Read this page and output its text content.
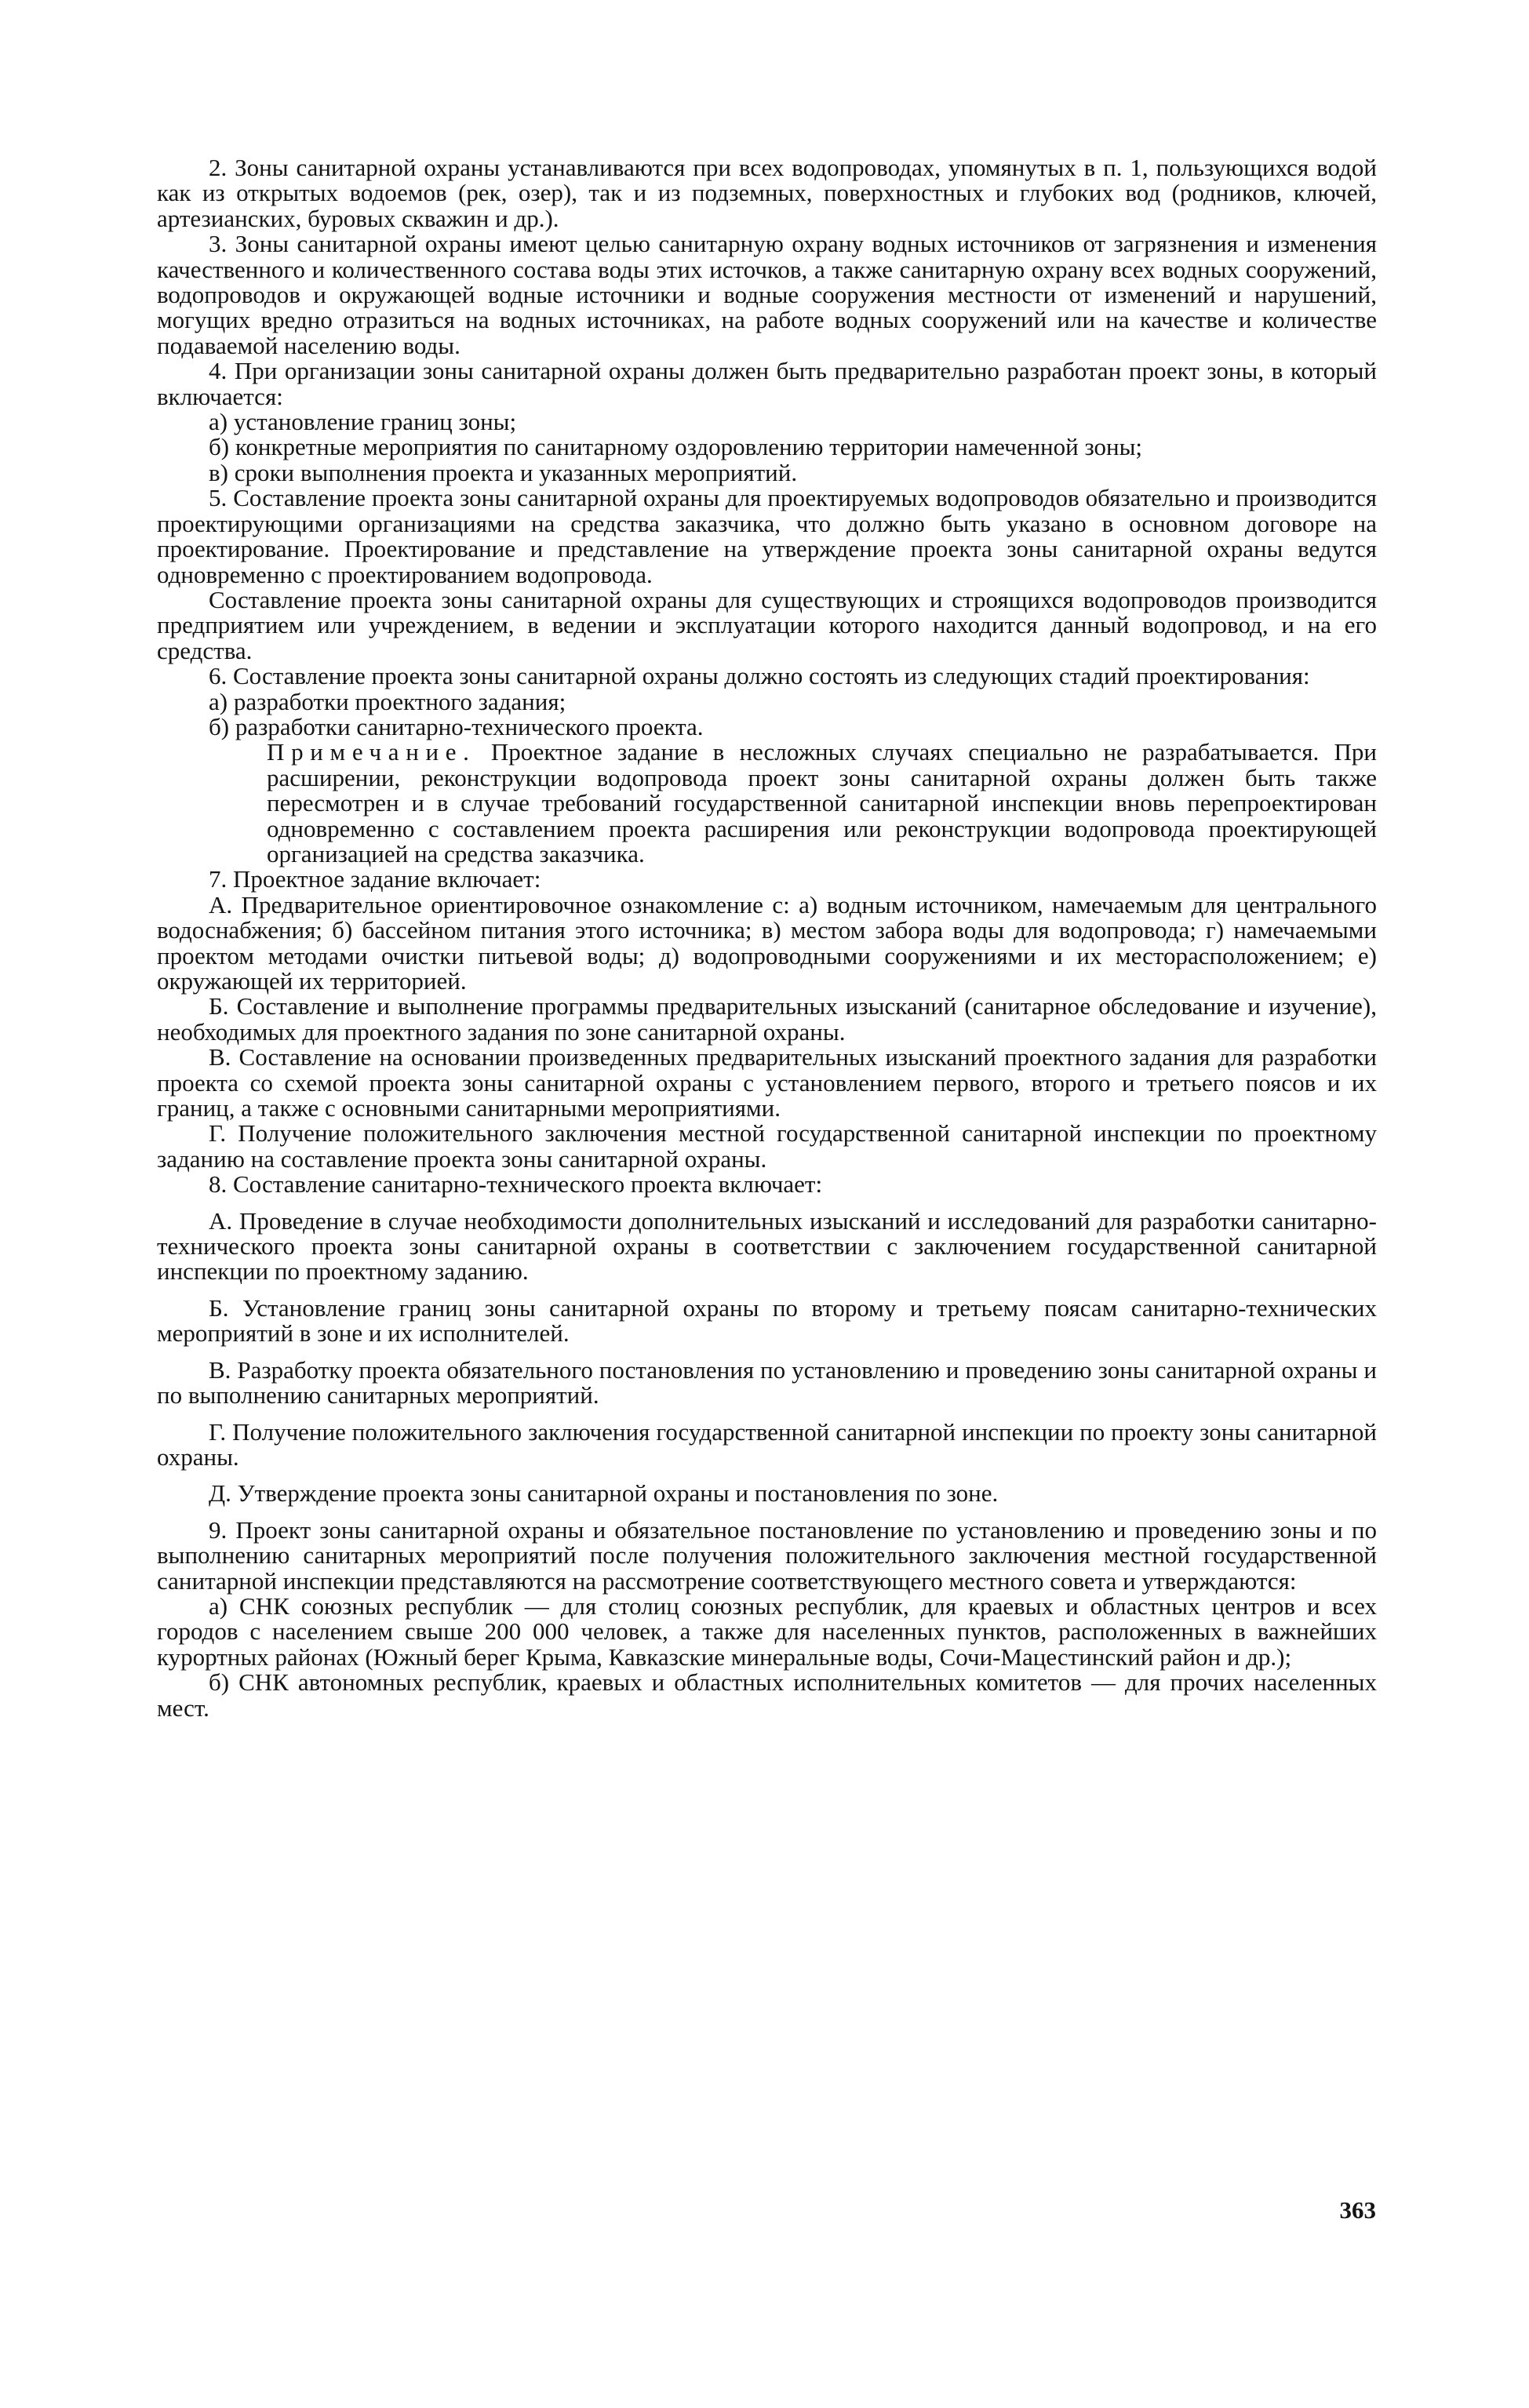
2. Зоны санитарной охраны устанавливаются при всех водопроводах, упомянутых в п. 1, пользующихся водой как из открытых водоемов (рек, озер), так и из подземных, поверхностных и глубоких вод (родников, ключей, артезианских, буровых скважин и др.).

3. Зоны санитарной охраны имеют целью санитарную охрану водных источников от загрязнения и изменения качественного и количественного состава воды этих источков, а также санитарную охрану всех водных сооружений, водопроводов и окружающей водные источники и водные сооружения местности от изменений и нарушений, могущих вредно отразиться на водных источниках, на работе водных сооружений или на качестве и количестве подаваемой населению воды.

4. При организации зоны санитарной охраны должен быть предварительно разработан проект зоны, в который включается:

а) установление границ зоны;

б) конкретные мероприятия по санитарному оздоровлению территории намеченной зоны;

в) сроки выполнения проекта и указанных мероприятий.

5. Составление проекта зоны санитарной охраны для проектируемых водопроводов обязательно и производится проектирующими организациями на средства заказчика, что должно быть указано в основном договоре на проектирование. Проектирование и представление на утверждение проекта зоны санитарной охраны ведутся одновременно с проектированием водопровода.

Составление проекта зоны санитарной охраны для существующих и строящихся водопроводов производится предприятием или учреждением, в ведении и эксплуатации которого находится данный водопровод, и на его средства.

6. Составление проекта зоны санитарной охраны должно состоять из следующих стадий проектирования:

а) разработки проектного задания;

б) разработки санитарно-технического проекта.

Примечание. Проектное задание в несложных случаях специально не разрабатывается. При расширении, реконструкции водопровода проект зоны санитарной охраны должен быть также пересмотрен и в случае требований государственной санитарной инспекции вновь перепроектирован одновременно с составлением проекта расширения или реконструкции водопровода проектирующей организацией на средства заказчика.

7. Проектное задание включает:

А. Предварительное ориентировочное ознакомление с: а) водным источником, намечаемым для центрального водоснабжения; б) бассейном питания этого источника; в) местом забора воды для водопровода; г) намечаемыми проектом методами очистки питьевой воды; д) водопроводными сооружениями и их месторасположением; е) окружающей их территорией.

Б. Составление и выполнение программы предварительных изысканий (санитарное обследование и изучение), необходимых для проектного задания по зоне санитарной охраны.

В. Составление на основании произведенных предварительных изысканий проектного задания для разработки проекта со схемой проекта зоны санитарной охраны с установлением первого, второго и третьего поясов и их границ, а также с основными санитарными мероприятиями.

Г. Получение положительного заключения местной государственной санитарной инспекции по проектному заданию на составление проекта зоны санитарной охраны.

8. Составление санитарно-технического проекта включает:

А. Проведение в случае необходимости дополнительных изысканий и исследований для разработки санитарно-технического проекта зоны санитарной охраны в соответствии с заключением государственной санитарной инспекции по проектному заданию.

Б. Установление границ зоны санитарной охраны по второму и третьему поясам санитарно-технических мероприятий в зоне и их исполнителей.

В. Разработку проекта обязательного постановления по установлению и проведению зоны санитарной охраны и по выполнению санитарных мероприятий.

Г. Получение положительного заключения государственной санитарной инспекции по проекту зоны санитарной охраны.

Д. Утверждение проекта зоны санитарной охраны и постановления по зоне.

9. Проект зоны санитарной охраны и обязательное постановление по установлению и проведению зоны и по выполнению санитарных мероприятий после получения положительного заключения местной государственной санитарной инспекции представляются на рассмотрение соответствующего местного совета и утверждаются:

а) СНК союзных республик — для столиц союзных республик, для краевых и областных центров и всех городов с населением свыше 200 000 человек, а также для населенных пунктов, расположенных в важнейших курортных районах (Южный берег Крыма, Кавказские минеральные воды, Сочи-Мацестинский район и др.);

б) СНК автономных республик, краевых и областных исполнительных комитетов — для прочих населенных мест.

363
